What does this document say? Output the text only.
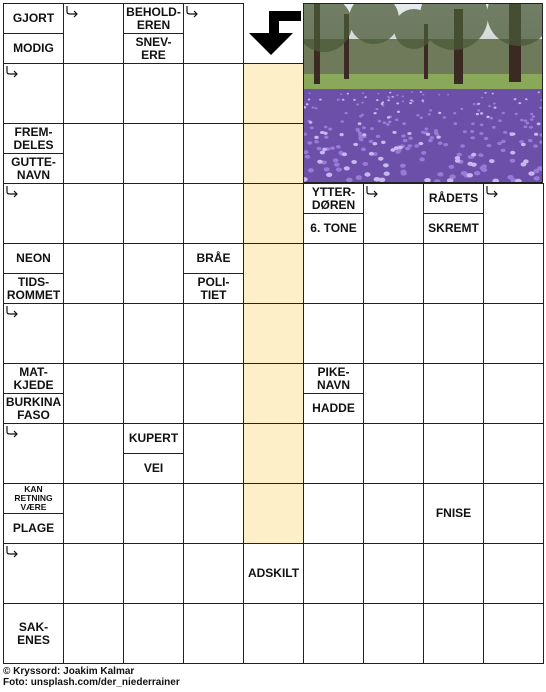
GJORT
MODIG
BEHOLD-
EREN
SNEV-
ERE
FREM-
DELES
GUTTE-
NAVN
YTTER-
DØREN
6. TONE
RÅDETS
SKREMT
NEON
TIDS-
ROMMET
BRÅE
POLI-
TIET
MAT-
KJEDE
BURKINA
FASO
PIKE-
NAVN
HADDE
KUPERT
VEI
KAN
RETNING
VÆRE
PLAGE
FNISE
ADSKILT
SAK-
ENES
© Kryssord: Joakim Kalmar
Foto: unsplash.com/der_niederrainer
